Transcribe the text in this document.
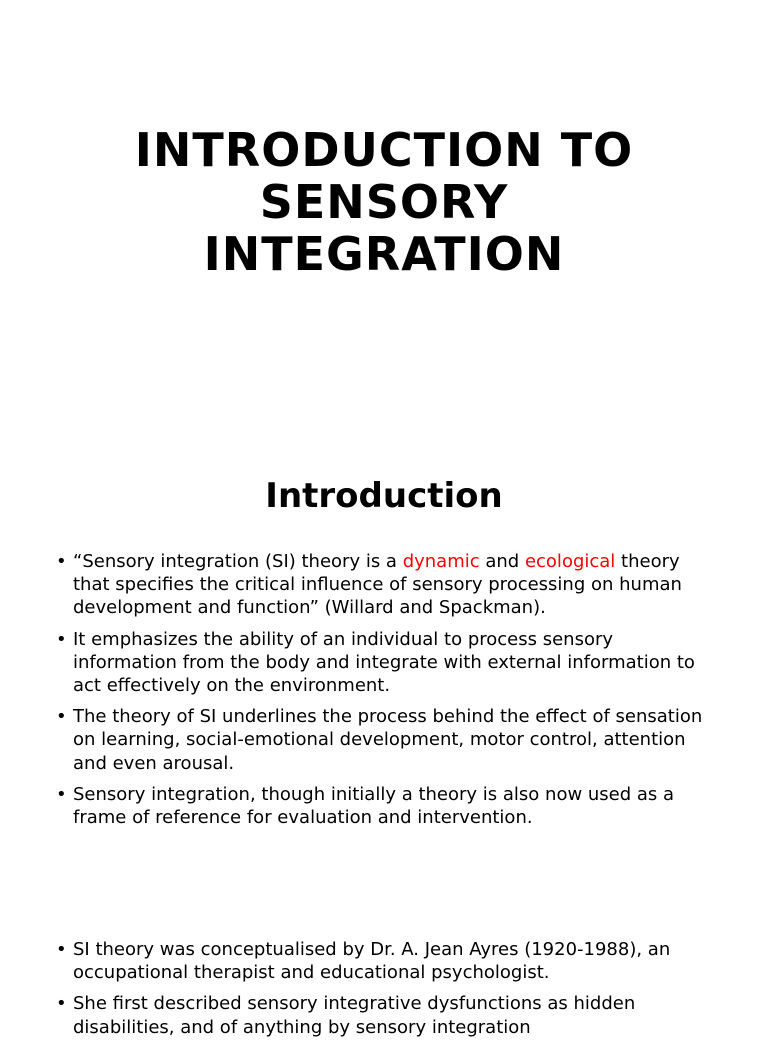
INTRODUCTION TO
SENSORY
INTEGRATION
Introduction
• “Sensory integration (SI) theory is a dynamic and ecological theory that specifies the critical influence of sensory processing on human development and function” (Willard and Spackman).
• It emphasizes the ability of an individual to process sensory information from the body and integrate with external information to act effectively on the environment.
• The theory of SI underlines the process behind the effect of sensation on learning, social-emotional development, motor control, attention and even arousal.
• Sensory integration, though initially a theory is also now used as a frame of reference for evaluation and intervention.
• SI theory was conceptualised by Dr. A. Jean Ayres (1920-1988), an occupational therapist and educational psychologist.
• She first described sensory integrative dysfunctions as hidden disabilities, and of anything by sensory integration
